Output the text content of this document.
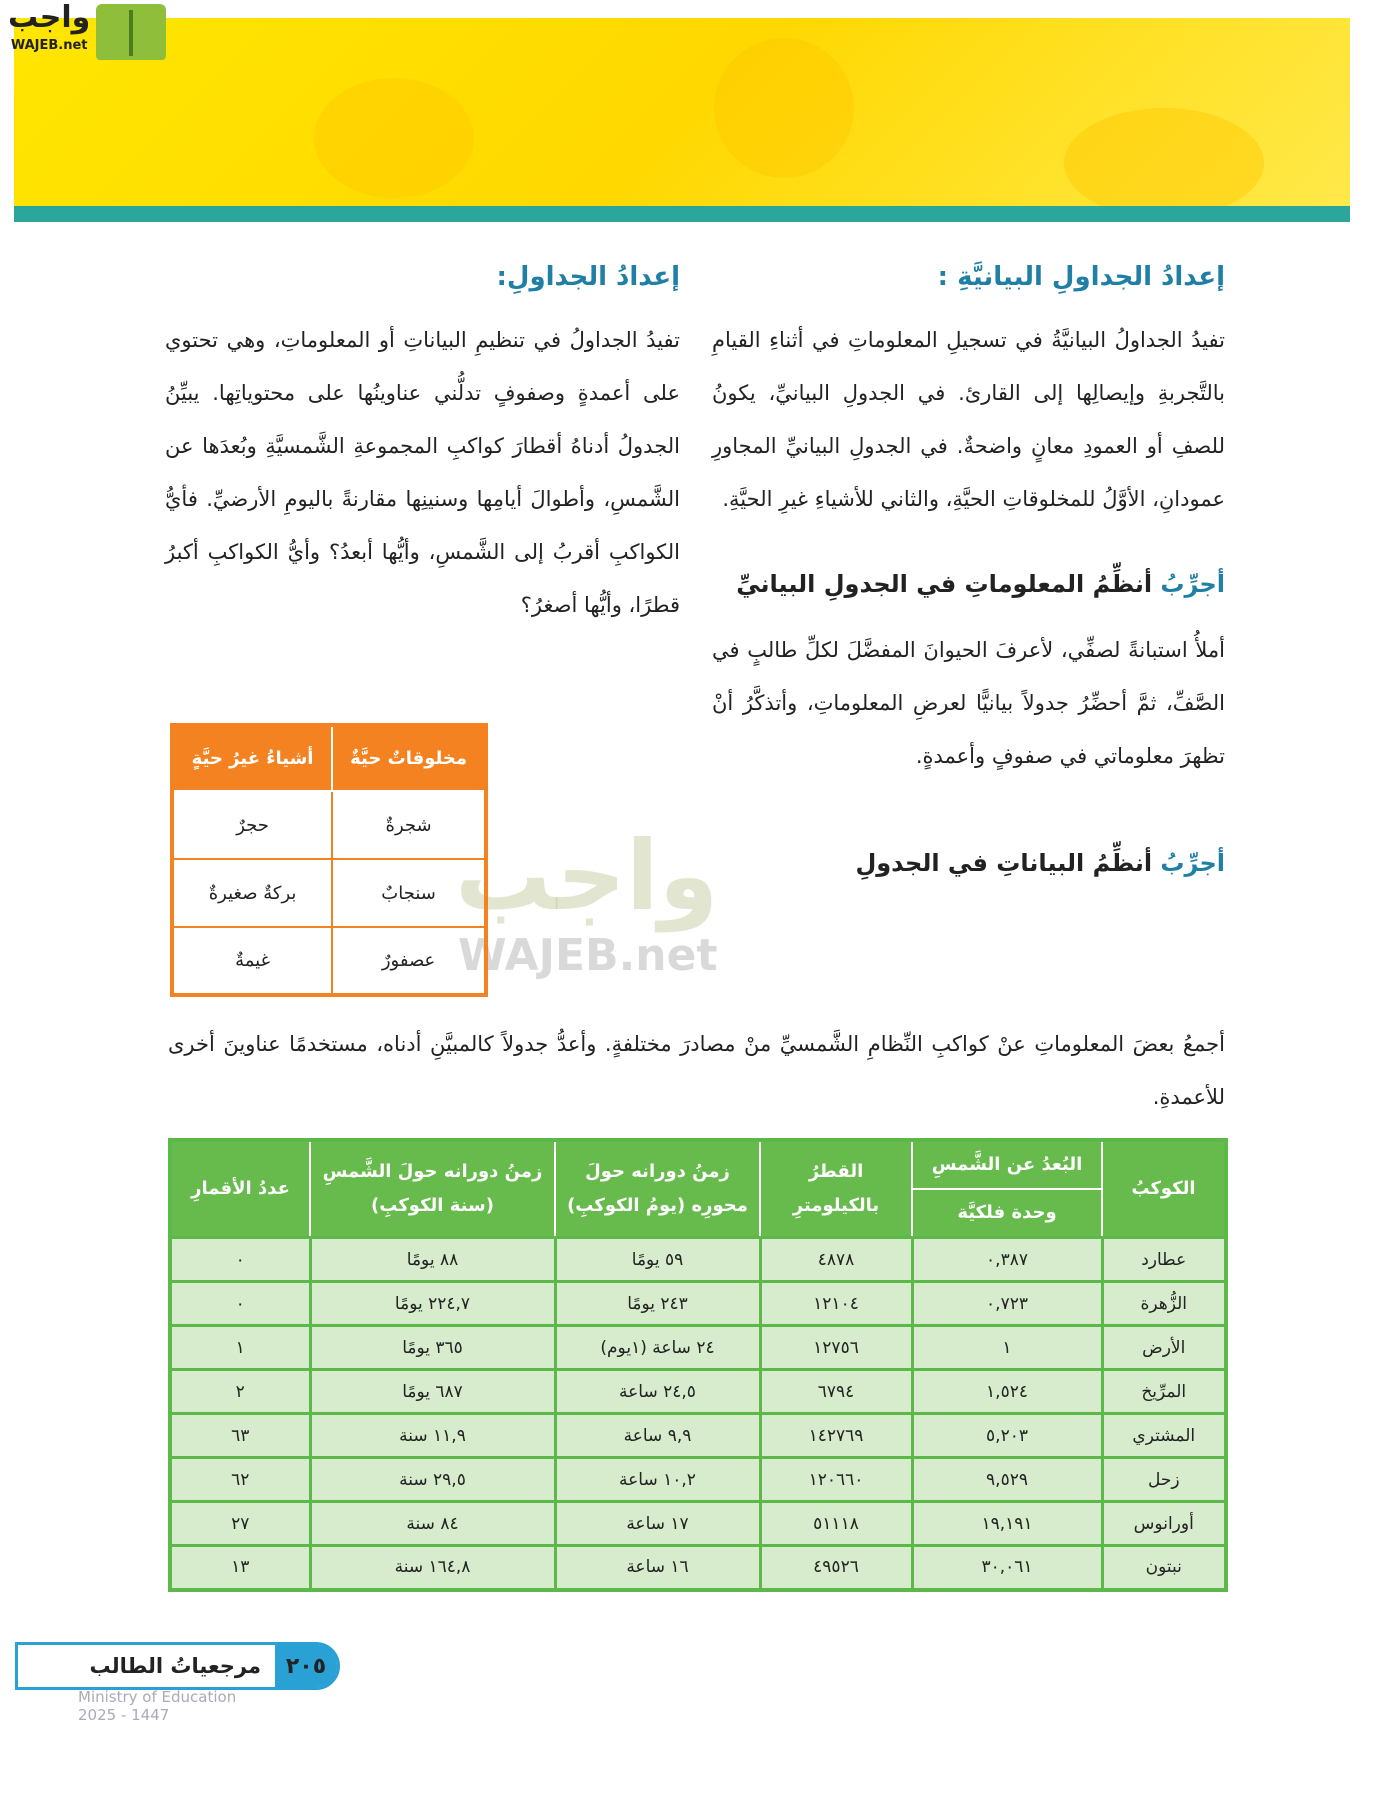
واجب
WAJEB.net
واجب
WAJEB.net
إعدادُ الجداولِ البيانيَّةِ :

تفيدُ الجداولُ البيانيَّةُ في تسجيلِ المعلوماتِ في أثناءِ القيامِ بالتَّجربةِ وإيصالِها إلى القارئ. في الجدولِ البيانيِّ، يكونُ للصفِ أو العمودِ معانٍ واضحةٌ. في الجدولِ البيانيِّ المجاورِ عمودانِ، الأوَّلُ للمخلوقاتِ الحيَّةِ، والثاني للأشياءِ غيرِ الحيَّةِ.

أجرِّبُ أنظِّمُ المعلوماتِ في الجدولِ البيانيِّ

أملأُ استبانةً لصفِّي، لأعرفَ الحيوانَ المفضَّلَ لكلِّ طالبٍ في الصَّفِّ، ثمَّ أحضِّرُ جدولاً بيانيًّا لعرضِ المعلوماتِ، وأتذكَّرُ أنْ تظهرَ معلوماتي في صفوفٍ وأعمدةٍ.

أجرِّبُ أنظِّمُ البياناتِ في الجدولِ
إعدادُ الجداولِ:

تفيدُ الجداولُ في تنظيمِ البياناتِ أو المعلوماتِ، وهي تحتوي على أعمدةٍ وصفوفٍ تدلُّني عناوينُها على محتوياتِها. يبيِّنُ الجدولُ أدناهُ أقطارَ كواكبِ المجموعةِ الشَّمسيَّةِ وبُعدَها عن الشَّمسِ، وأطوالَ أيامِها وسنينِها مقارنةً باليومِ الأرضيِّ. فأيُّ الكواكبِ أقربُ إلى الشَّمسِ، وأيُّها أبعدُ؟ وأيُّ الكواكبِ أكبرُ قطرًا، وأيُّها أصغرُ؟

مخلوقاتٌ حيَّةٌ	أشياءُ غيرُ حيَّةٍ
شجرةٌ	حجرٌ
سنجابٌ	بركةٌ صغيرةٌ
عصفورٌ	غيمةٌ

أجمعُ بعضَ المعلوماتِ عنْ كواكبِ النِّظامِ الشَّمسيِّ منْ مصادرَ مختلفةٍ. وأعدُّ جدولاً كالمبيَّنِ أدناه، مستخدمًا عناوينَ أخرى للأعمدةِ.

الكوكبُ	البُعدُ عن الشَّمسِ	القطرُ بالكيلومترِ	زمنُ دورانه حولَ محورِه (يومُ الكوكبِ)	زمنُ دورانه حولَ الشَّمسِ (سنة الكوكبِ)	عددُ الأقمارِ
	وحدة فلكيَّة				
عطارد	٠,٣٨٧	٤٨٧٨	٥٩ يومًا	٨٨ يومًا	٠
الزُّهرة	٠,٧٢٣	١٢١٠٤	٢٤٣ يومًا	٢٢٤,٧ يومًا	٠
الأرض	١	١٢٧٥٦	٢٤ ساعة (١يوم)	٣٦٥ يومًا	١
المرِّيخ	١,٥٢٤	٦٧٩٤	٢٤,٥ ساعة	٦٨٧ يومًا	٢
المشتري	٥,٢٠٣	١٤٢٧٦٩	٩,٩ ساعة	١١,٩ سنة	٦٣
زحل	٩,٥٢٩	١٢٠٦٦٠	١٠,٢ ساعة	٢٩,٥ سنة	٦٢
أورانوس	١٩,١٩١	٥١١١٨	١٧ ساعة	٨٤ سنة	٢٧
نبتون	٣٠,٠٦١	٤٩٥٢٦	١٦ ساعة	١٦٤,٨ سنة	١٣
٢٠٥
مرجعياتُ الطالب
Ministry of Education
2025 - 1447
